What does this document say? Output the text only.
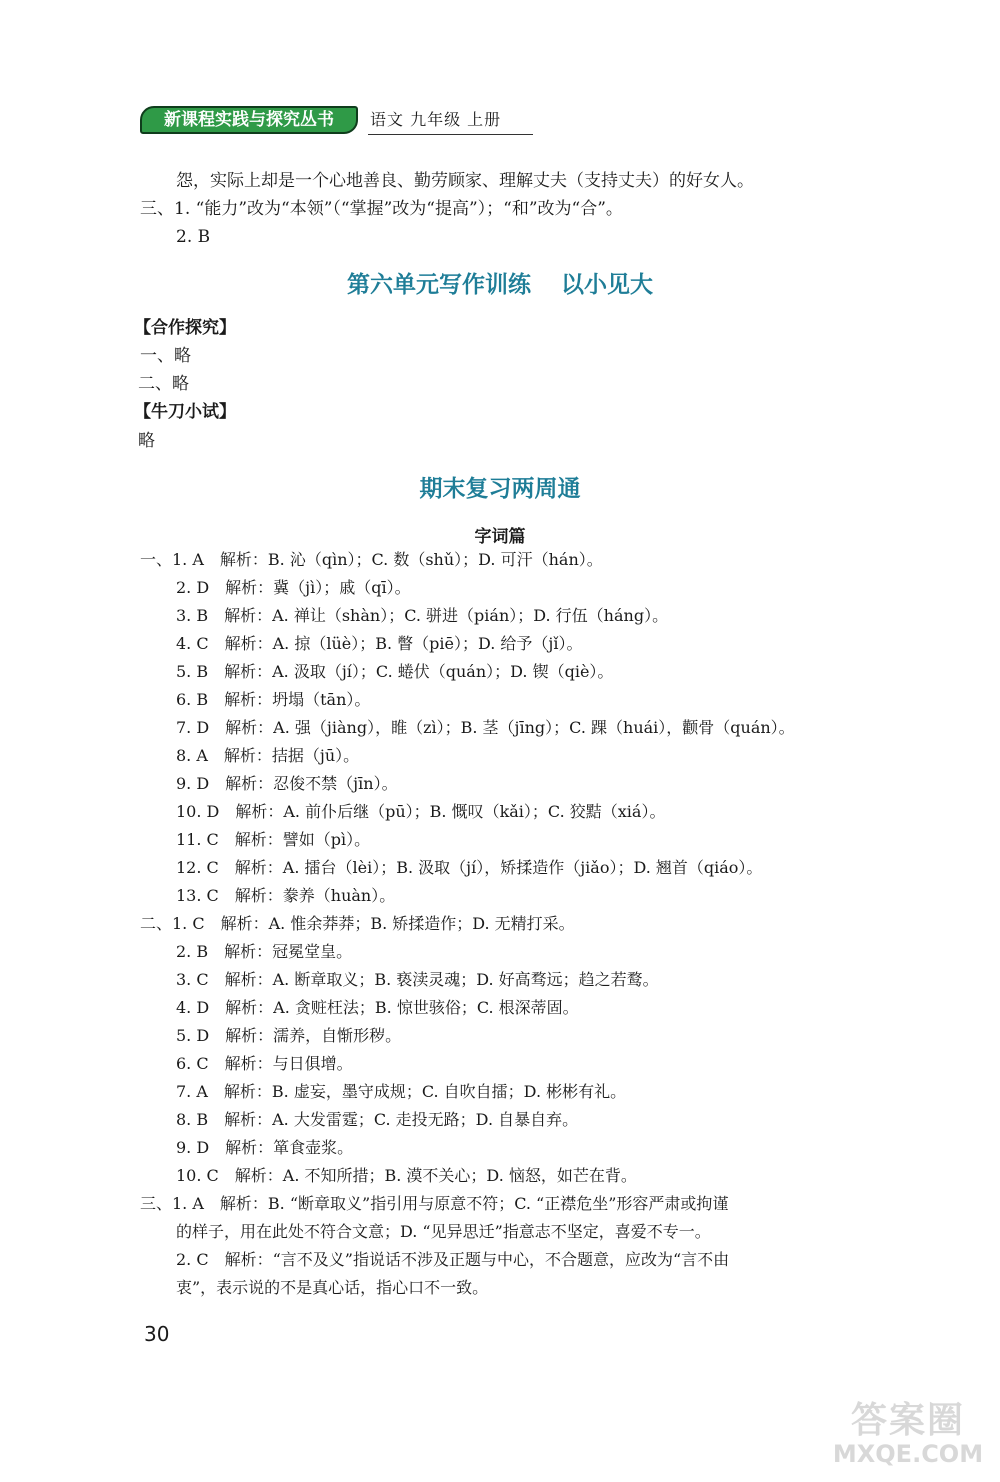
新课程实践与探究丛书	语文 九年级 上册
怨，实际上却是一个心地善良、勤劳顾家、理解丈夫（支持丈夫）的好女人。
三、1. “能力”改为“本领”（“掌握”改为“提高”）；“和”改为“合”。
2. B
第六单元写作训练 以小见大
【合作探究】
一、略
二、略
【牛刀小试】
略
期末复习两周通
字词篇
一、1. A　解析：B. 沁（qìn）；C. 数（shǔ）；D. 可汗（hán）。
2. D　解析：冀（jì）；戚（qī）。
3. B　解析：A. 禅让（shàn）；C. 骈进（pián）；D. 行伍（háng）。
4. C　解析：A. 掠（lüè）；B. 瞥（piē）；D. 给予（jǐ）。
5. B　解析：A. 汲取（jí）；C. 蜷伏（quán）；D. 锲（qiè）。
6. B　解析：坍塌（tān）。
7. D　解析：A. 强（jiàng），睢（zì）；B. 茎（jīng）；C. 踝（huái），颧骨（quán）。
8. A　解析：拮据（jū）。
9. D　解析：忍俊不禁（jīn）。
10. D　解析：A. 前仆后继（pū）；B. 慨叹（kǎi）；C. 狡黠（xiá）。
11. C　解析：譬如（pì）。
12. C　解析：A. 擂台（lèi）；B. 汲取（jí），矫揉造作（jiǎo）；D. 翘首（qiáo）。
13. C　解析：豢养（huàn）。
二、1. C　解析：A. 惟余莽莽；B. 矫揉造作；D. 无精打采。
2. B　解析：冠冕堂皇。
3. C　解析：A. 断章取义；B. 亵渎灵魂；D. 好高骛远；趋之若鹜。
4. D　解析：A. 贪赃枉法；B. 惊世骇俗；C. 根深蒂固。
5. D　解析：濡养，自惭形秽。
6. C　解析：与日俱增。
7. A　解析：B. 虚妄，墨守成规；C. 自吹自擂；D. 彬彬有礼。
8. B　解析：A. 大发雷霆；C. 走投无路；D. 自暴自弃。
9. D　解析：箪食壶浆。
10. C　解析：A. 不知所措；B. 漠不关心；D. 恼怒，如芒在背。
三、1. A　解析：B. “断章取义”指引用与原意不符；C. “正襟危坐”形容严肃或拘谨
的样子，用在此处不符合文意；D. “见异思迁”指意志不坚定，喜爱不专一。
2. C　解析：“言不及义”指说话不涉及正题与中心，不合题意，应改为“言不由
衷”，表示说的不是真心话，指心口不一致。
30
答案圈
MXQE.COM
